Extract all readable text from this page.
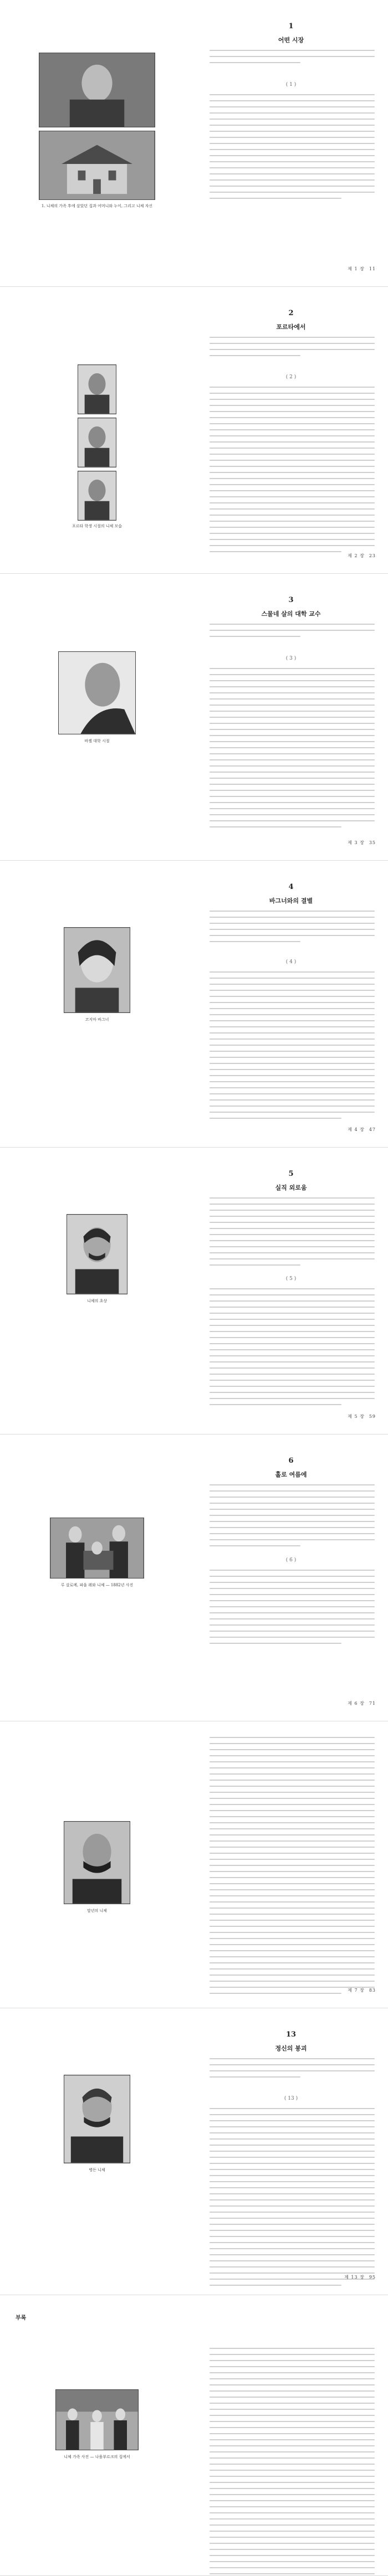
1. 니체의 가족 후에 살았던 집과 어머니와 누이, 그리고 니체 자신
1
어떤 시장
( 1 )
제 1 장 11
포르타 학생 시절의 니체 모습
2
포르타에서
( 2 )
제 2 장 23
바젤 대학 시절
3
스물네 살의 대학 교수
( 3 )
제 3 장 35
코지마 바그너
4
바그너와의 결별
( 4 )
제 4 장 47
니체의 초상
5
실직 외로움
( 5 )
제 5 장 59
루 살로메, 파울 레와 니체 — 1882년 사진
6
홀로 여름에
( 6 )
제 6 장 71
말년의 니체
제 7 장 83
병든 니체
13
정신의 붕괴
( 13 )
제 13 장 95
부록
니체 가족 사진 — 나움부르크의 집에서
